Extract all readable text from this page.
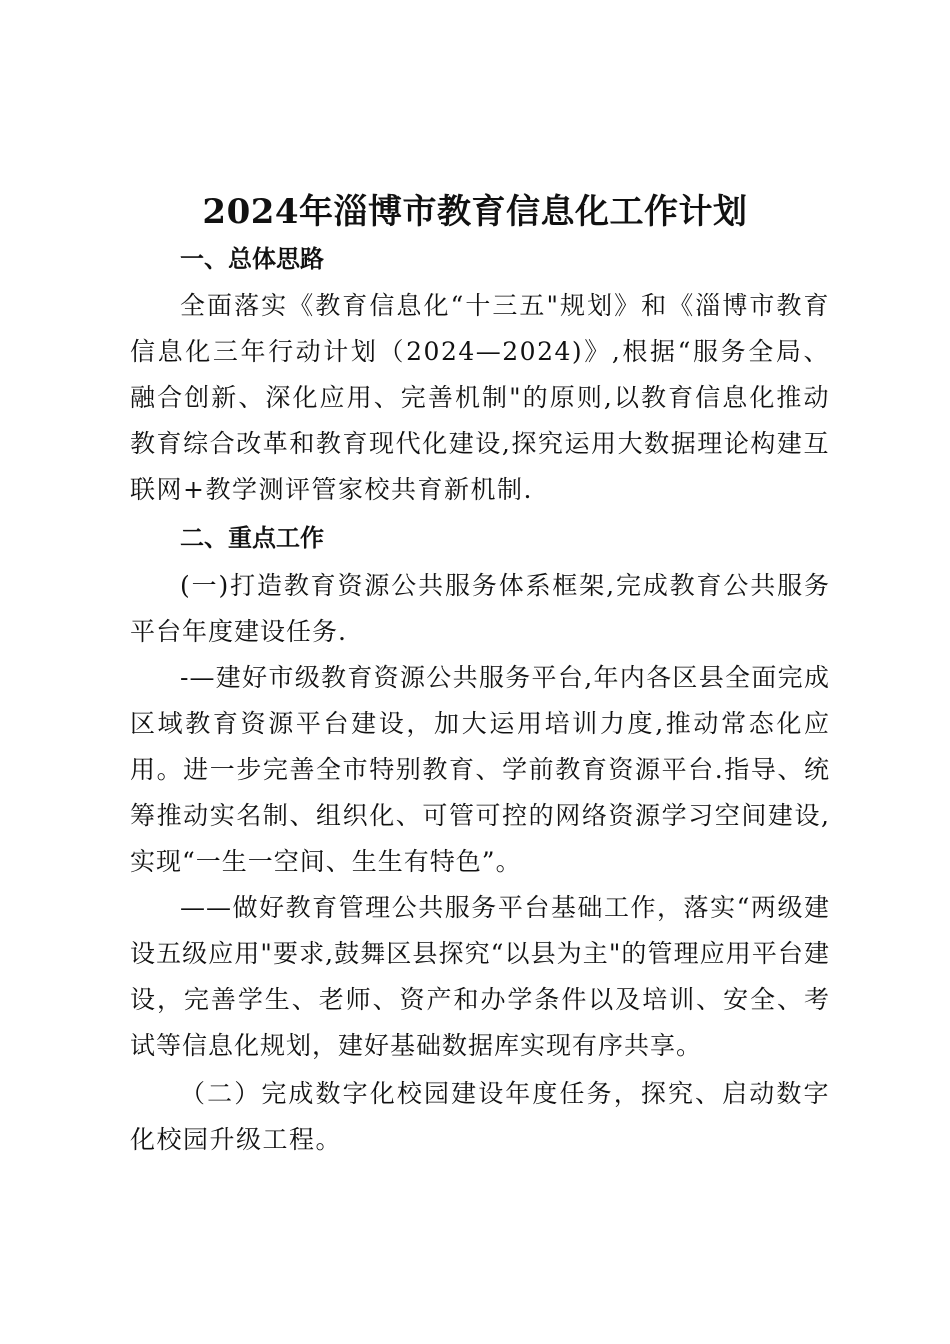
2024年淄博市教育信息化工作计划
一、总体思路

全面落实《教育信息化“十三五"规划》和《淄博市教育信息化三年行动计划（2024—2024)》,根据“服务全局、融合创新、深化应用、完善机制"的原则,以教育信息化推动教育综合改革和教育现代化建设,探究运用大数据理论构建互联网+教学测评管家校共育新机制.

二、重点工作

(一)打造教育资源公共服务体系框架,完成教育公共服务平台年度建设任务.

-—建好市级教育资源公共服务平台,年内各区县全面完成区域教育资源平台建设，加大运用培训力度,推动常态化应用。进一步完善全市特别教育、学前教育资源平台.指导、统筹推动实名制、组织化、可管可控的网络资源学习空间建设,实现“一生一空间、生生有特色”。

——做好教育管理公共服务平台基础工作，落实“两级建设五级应用"要求,鼓舞区县探究“以县为主"的管理应用平台建设，完善学生、老师、资产和办学条件以及培训、安全、考试等信息化规划，建好基础数据库实现有序共享。

（二）完成数字化校园建设年度任务，探究、启动数字化校园升级工程。
